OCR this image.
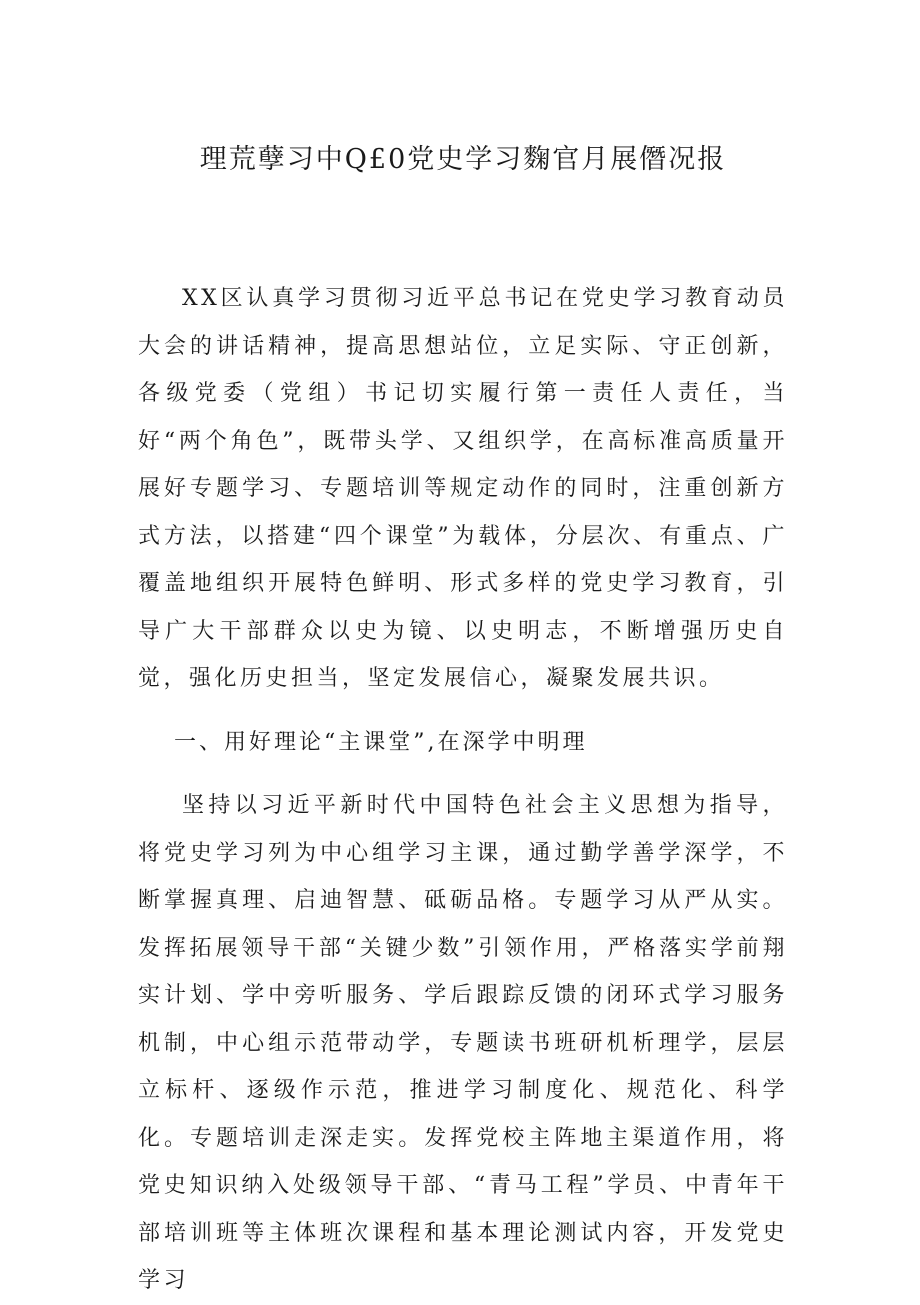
理荒孽习中Q£0党史学习麴官月展僭况报

XX区认真学习贯彻习近平总书记在党史学习教育动员大会的讲话精神，提高思想站位，立足实际、守正创新，各级党委（党组）书记切实履行第一责任人责任，当好“两个角色”，既带头学、又组织学，在高标准高质量开展好专题学习、专题培训等规定动作的同时，注重创新方式方法，以搭建“四个课堂”为载体，分层次、有重点、广覆盖地组织开展特色鲜明、形式多样的党史学习教育，引导广大干部群众以史为镜、以史明志，不断增强历史自觉，强化历史担当，坚定发展信心，凝聚发展共识。

一、用好理论“主课堂”,在深学中明理

坚持以习近平新时代中国特色社会主义思想为指导，将党史学习列为中心组学习主课，通过勤学善学深学，不断掌握真理、启迪智慧、砥砺品格。专题学习从严从实。发挥拓展领导干部“关键少数”引领作用，严格落实学前翔实计划、学中旁听服务、学后跟踪反馈的闭环式学习服务机制，中心组示范带动学，专题读书班研机析理学，层层立标杆、逐级作示范，推进学习制度化、规范化、科学化。专题培训走深走实。发挥党校主阵地主渠道作用，将党史知识纳入处级领导干部、“青马工程”学员、中青年干部培训班等主体班次课程和基本理论测试内容，开发党史学习
